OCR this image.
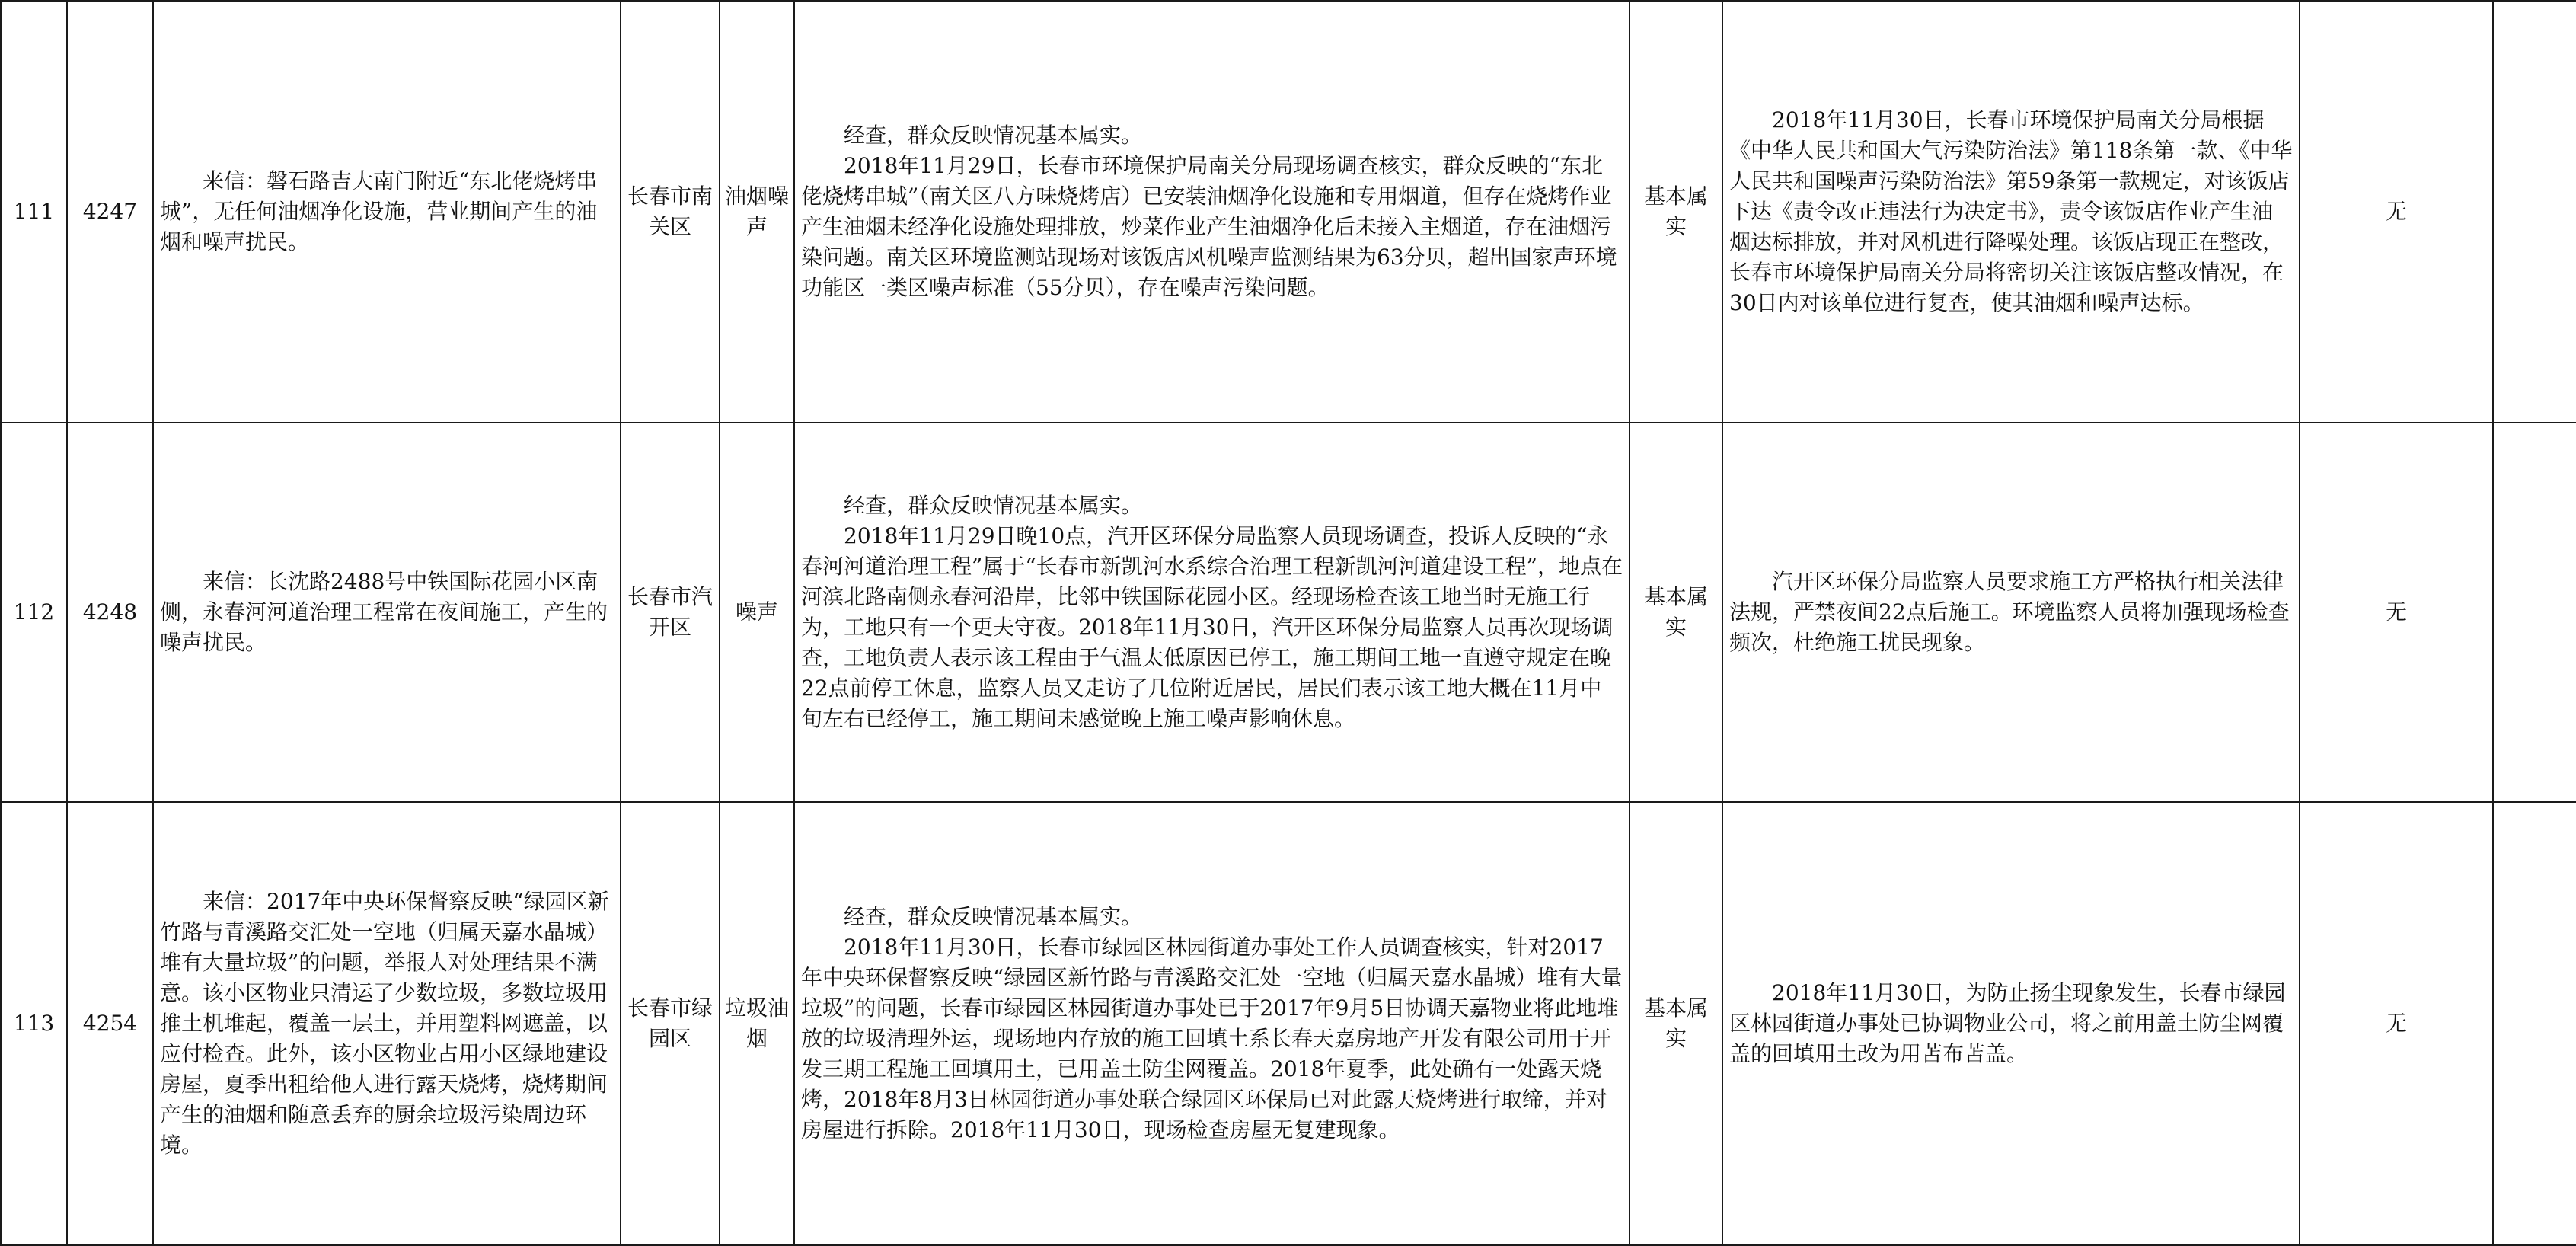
111	4247	来信：磐石路吉大南门附近“东北佬烧烤串城”，无任何油烟净化设施，营业期间产生的油烟和噪声扰民。	长春市南关区	油烟噪声	经查，群众反映情况基本属实。
2018年11月29日，长春市环境保护局南关分局现场调查核实，群众反映的“东北佬烧烤串城”（南关区八方味烧烤店）已安装油烟净化设施和专用烟道，但存在烧烤作业产生油烟未经净化设施处理排放，炒菜作业产生油烟净化后未接入主烟道，存在油烟污染问题。南关区环境监测站现场对该饭店风机噪声监测结果为63分贝，超出国家声环境功能区一类区噪声标准（55分贝），存在噪声污染问题。	基本属实	2018年11月30日，长春市环境保护局南关分局根据《中华人民共和国大气污染防治法》第118条第一款、《中华人民共和国噪声污染防治法》第59条第一款规定，对该饭店下达《责令改正违法行为决定书》，责令该饭店作业产生油烟达标排放，并对风机进行降噪处理。该饭店现正在整改，长春市环境保护局南关分局将密切关注该饭店整改情况，在30日内对该单位进行复查，使其油烟和噪声达标。	无	
112	4248	来信：长沈路2488号中铁国际花园小区南侧，永春河河道治理工程常在夜间施工，产生的噪声扰民。	长春市汽开区	噪声	经查，群众反映情况基本属实。
2018年11月29日晚10点，汽开区环保分局监察人员现场调查，投诉人反映的“永春河河道治理工程”属于“长春市新凯河水系综合治理工程新凯河河道建设工程”，地点在河滨北路南侧永春河沿岸，比邻中铁国际花园小区。经现场检查该工地当时无施工行为，工地只有一个更夫守夜。2018年11月30日，汽开区环保分局监察人员再次现场调查，工地负责人表示该工程由于气温太低原因已停工，施工期间工地一直遵守规定在晚22点前停工休息，监察人员又走访了几位附近居民，居民们表示该工地大概在11月中旬左右已经停工，施工期间未感觉晚上施工噪声影响休息。	基本属实	汽开区环保分局监察人员要求施工方严格执行相关法律法规，严禁夜间22点后施工。环境监察人员将加强现场检查频次，杜绝施工扰民现象。	无	
113	4254	来信：2017年中央环保督察反映“绿园区新竹路与青溪路交汇处一空地（归属天嘉水晶城）堆有大量垃圾”的问题，举报人对处理结果不满意。该小区物业只清运了少数垃圾，多数垃圾用推土机堆起，覆盖一层土，并用塑料网遮盖，以应付检查。此外，该小区物业占用小区绿地建设房屋，夏季出租给他人进行露天烧烤，烧烤期间产生的油烟和随意丢弃的厨余垃圾污染周边环境。	长春市绿园区	垃圾油烟	经查，群众反映情况基本属实。
2018年11月30日，长春市绿园区林园街道办事处工作人员调查核实，针对2017年中央环保督察反映“绿园区新竹路与青溪路交汇处一空地（归属天嘉水晶城）堆有大量垃圾”的问题，长春市绿园区林园街道办事处已于2017年9月5日协调天嘉物业将此地堆放的垃圾清理外运，现场地内存放的施工回填土系长春天嘉房地产开发有限公司用于开发三期工程施工回填用土，已用盖土防尘网覆盖。2018年夏季，此处确有一处露天烧烤，2018年8月3日林园街道办事处联合绿园区环保局已对此露天烧烤进行取缔，并对房屋进行拆除。2018年11月30日，现场检查房屋无复建现象。	基本属实	2018年11月30日，为防止扬尘现象发生，长春市绿园区林园街道办事处已协调物业公司，将之前用盖土防尘网覆盖的回填用土改为用苫布苫盖。	无	
